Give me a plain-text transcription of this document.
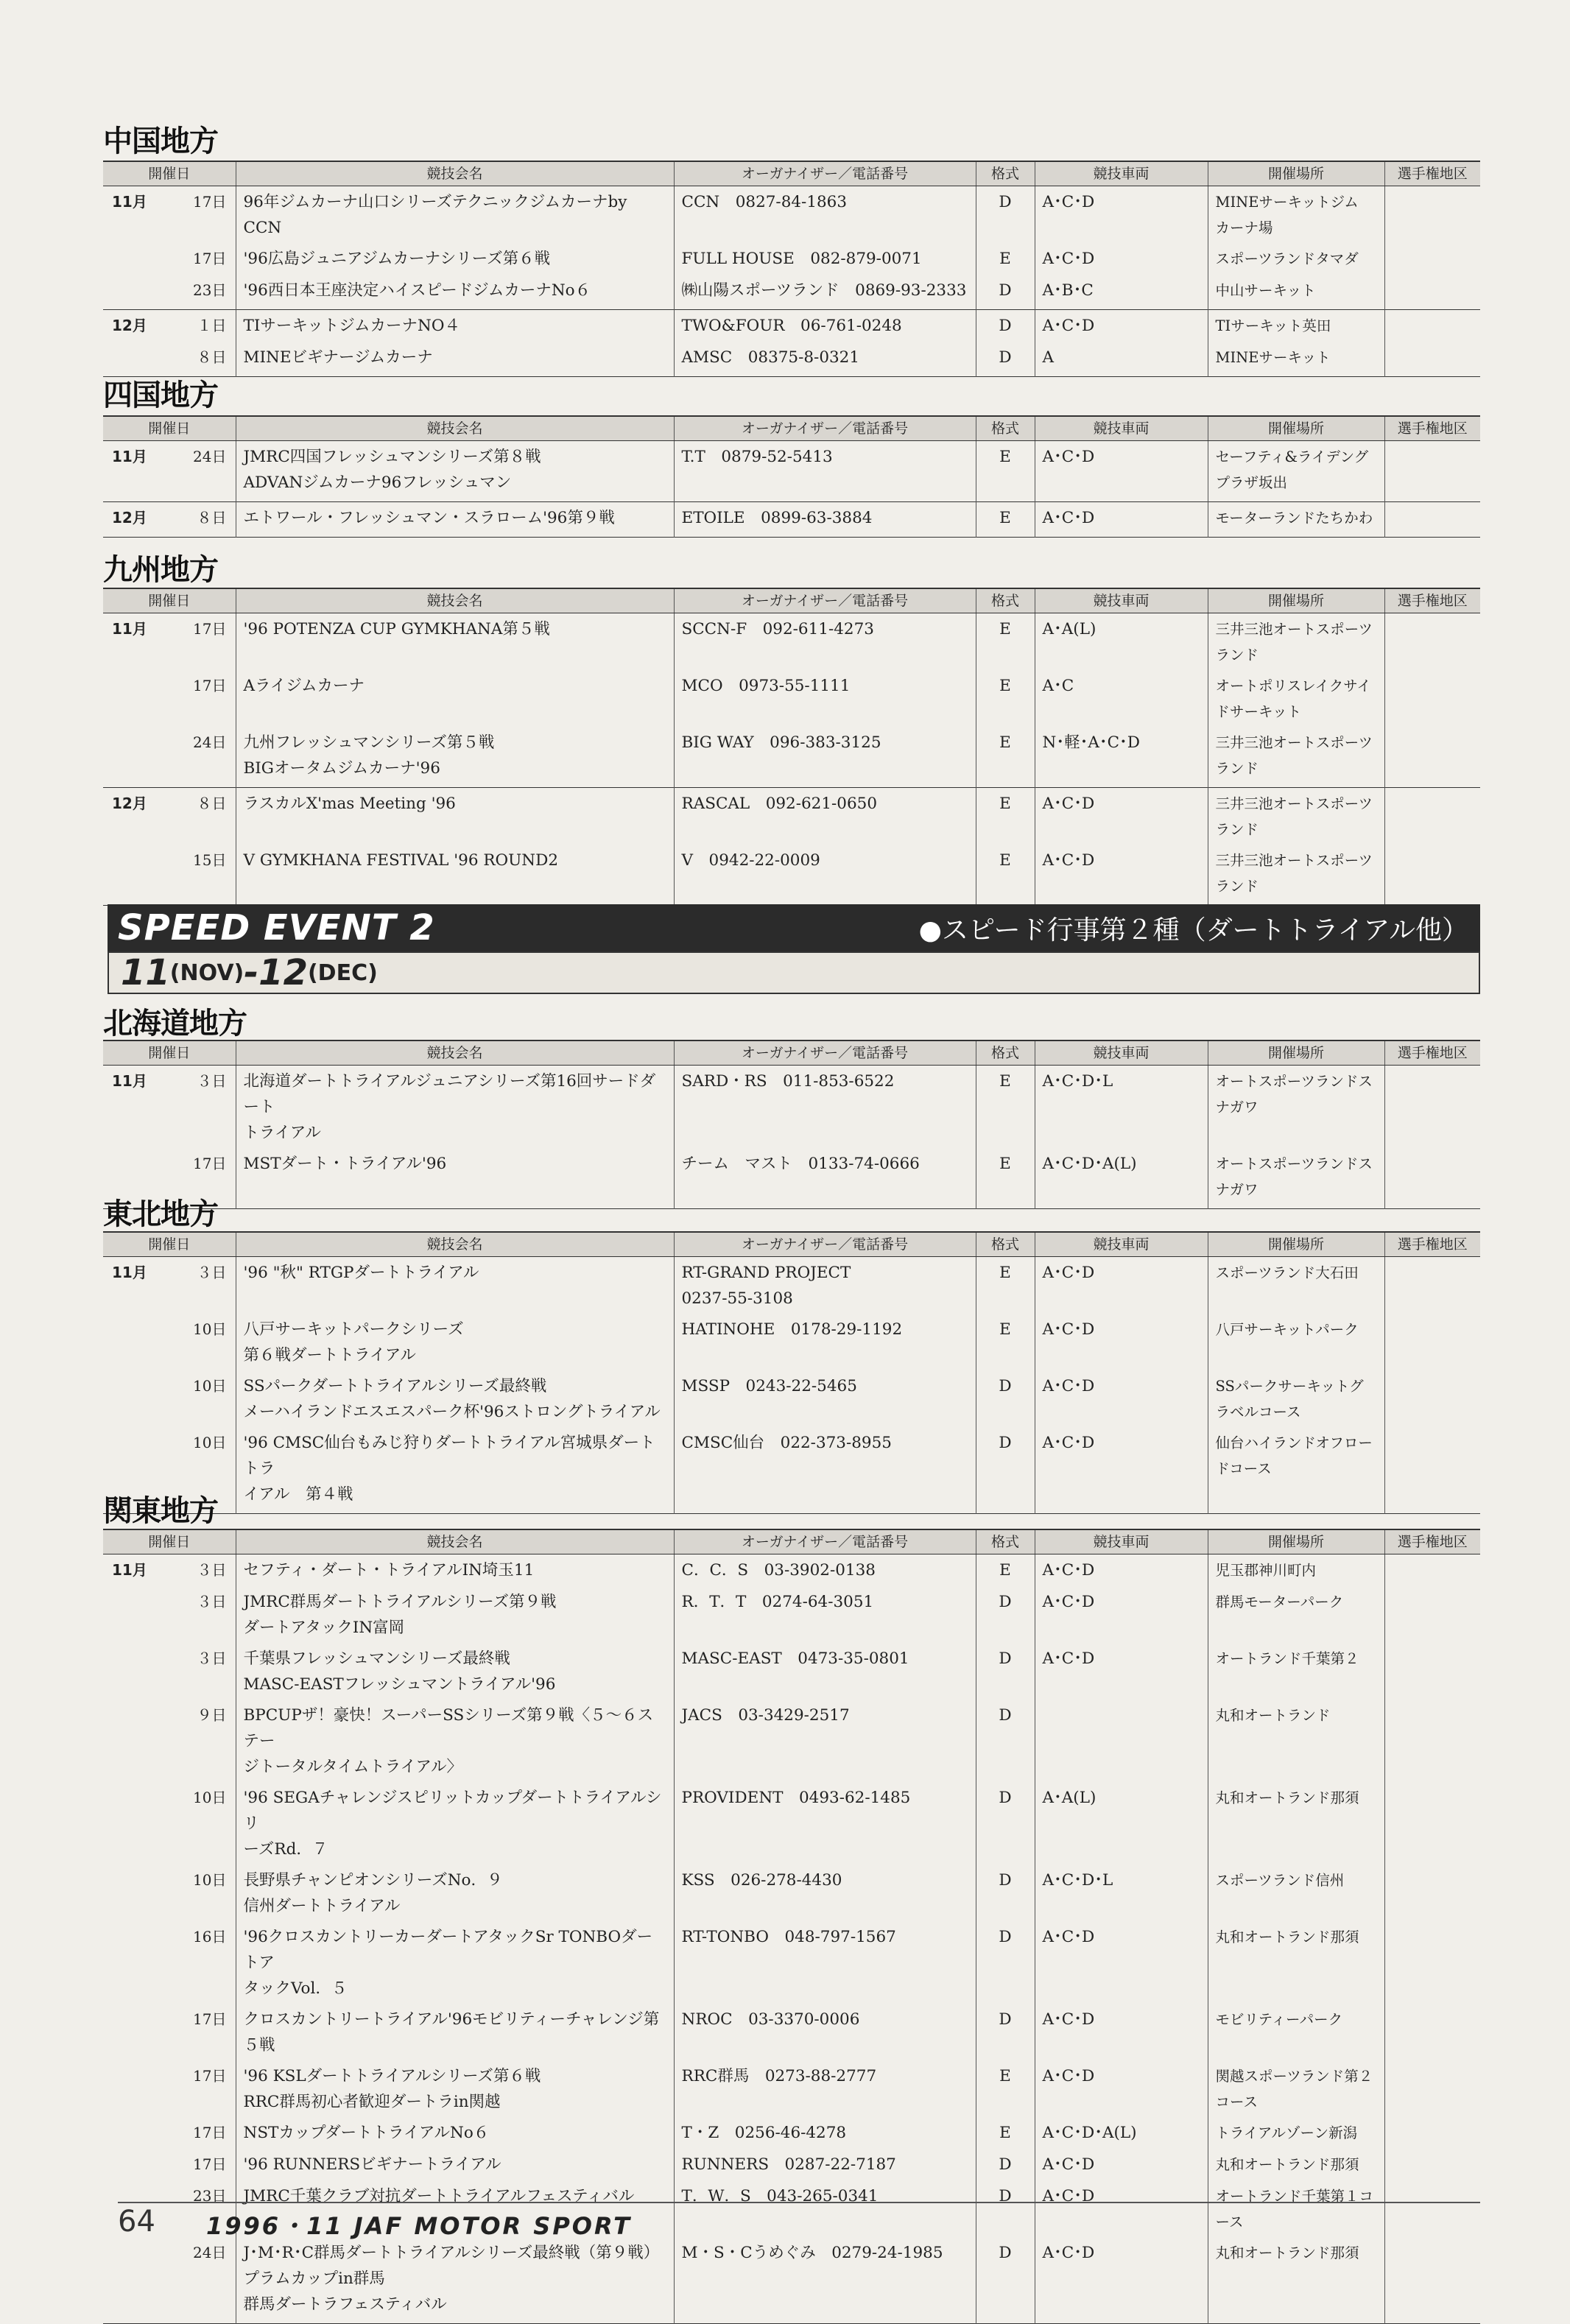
中国地方
開催日	競技会名	オーガナイザー／電話番号	格式	競技車両	開催場所	選手権地区

11月 17日	96年ジムカーナ山口シリーズテクニックジムカーナby CCN	CCN　0827-84-1863	D	A･C･D	MINEサーキットジム
カーナ場	

17日	'96広島ジュニアジムカーナシリーズ第６戦	FULL HOUSE　082-879-0071	E	A･C･D	スポーツランドタマダ	

23日	'96西日本王座決定ハイスピードジムカーナNo６	㈱山陽スポーツランド　0869-93-2333	D	A･B･C	中山サーキット	

12月 １日	TIサーキットジムカーナNO４	TWO&FOUR　06-761-0248	D	A･C･D	TIサーキット英田	

８日	MINEビギナージムカーナ	AMSC　08375-8-0321	D	A	MINEサーキット	
四国地方
開催日	競技会名	オーガナイザー／電話番号	格式	競技車両	開催場所	選手権地区

11月 24日	JMRC四国フレッシュマンシリーズ第８戦
ADVANジムカーナ96フレッシュマン	T.T　0879-52-5413	E	A･C･D	セーフティ&ライデング
プラザ坂出	

12月 ８日	エトワール・フレッシュマン・スラローム'96第９戦	ETOILE　0899-63-3884	E	A･C･D	モーターランドたちかわ	
九州地方
開催日	競技会名	オーガナイザー／電話番号	格式	競技車両	開催場所	選手権地区

11月 17日	'96 POTENZA CUP GYMKHANA第５戦	SCCN-F　092-611-4273	E	A･A(L)	三井三池オートスポーツ
ランド	

17日	Aライジムカーナ	MCO　0973-55-1111	E	A･C	オートポリスレイクサイ
ドサーキット	

24日	九州フレッシュマンシリーズ第５戦
BIGオータムジムカーナ'96	BIG WAY　096-383-3125	E	N･軽･A･C･D	三井三池オートスポーツ
ランド	

12月 ８日	ラスカルX'mas Meeting '96	RASCAL　092-621-0650	E	A･C･D	三井三池オートスポーツ
ランド	

15日	V GYMKHANA FESTIVAL '96 ROUND2	V　0942-22-0009	E	A･C･D	三井三池オートスポーツ
ランド	
SPEED EVENT 2	●スピード行事第２種（ダートトライアル他）
11 (NOV) - 12 (DEC)
北海道地方
開催日	競技会名	オーガナイザー／電話番号	格式	競技車両	開催場所	選手権地区

11月 ３日	北海道ダートトライアルジュニアシリーズ第16回サードダート
トライアル	SARD・RS　011-853-6522	E	A･C･D･L	オートスポーツランドス
ナガワ	

17日	MSTダート・トライアル'96	チーム　マスト　0133-74-0666	E	A･C･D･A(L)	オートスポーツランドス
ナガワ	
東北地方
開催日	競技会名	オーガナイザー／電話番号	格式	競技車両	開催場所	選手権地区

11月 ３日	'96 "秋" RTGPダートトライアル	RT-GRAND PROJECT
0237-55-3108	E	A･C･D	スポーツランド大石田	

10日	八戸サーキットパークシリーズ
第６戦ダートトライアル	HATINOHE　0178-29-1192	E	A･C･D	八戸サーキットパーク	

10日	SSパークダートトライアルシリーズ最終戦
メーハイランドエスエスパーク杯'96ストロングトライアル	MSSP　0243-22-5465	D	A･C･D	SSパークサーキットグ
ラベルコース	

10日	'96 CMSC仙台もみじ狩りダートトライアル宮城県ダートトラ
イアル　第４戦	CMSC仙台　022-373-8955	D	A･C･D	仙台ハイランドオフロー
ドコース	
関東地方
開催日	競技会名	オーガナイザー／電話番号	格式	競技車両	開催場所	選手権地区

11月 ３日	セフティ・ダート・トライアルIN埼玉11	C．C．S　03-3902-0138	E	A･C･D	児玉郡神川町内	

３日	JMRC群馬ダートトライアルシリーズ第９戦
ダートアタックIN富岡	R．T．T　0274-64-3051	D	A･C･D	群馬モーターパーク	

３日	千葉県フレッシュマンシリーズ最終戦
MASC-EASTフレッシュマントライアル'96	MASC-EAST　0473-35-0801	D	A･C･D	オートランド千葉第２	

９日	BPCUPザ！豪快！スーパーSSシリーズ第９戦〈５～６ステー
ジトータルタイムトライアル〉	JACS　03-3429-2517	D		丸和オートランド	

10日	'96 SEGAチャレンジスピリットカップダートトライアルシリ
ーズRd．７	PROVIDENT　0493-62-1485	D	A･A(L)	丸和オートランド那須	

10日	長野県チャンピオンシリーズNo．９
信州ダートトライアル	KSS　026-278-4430	D	A･C･D･L	スポーツランド信州	

16日	'96クロスカントリーカーダートアタックSr TONBOダートア
タックVol．５	RT-TONBO　048-797-1567	D	A･C･D	丸和オートランド那須	

17日	クロスカントリートライアル'96モビリティーチャレンジ第５戦	NROC　03-3370-0006	D	A･C･D	モビリティーパーク	

17日	'96 KSLダートトライアルシリーズ第６戦
RRC群馬初心者歓迎ダートラin関越	RRC群馬　0273-88-2777	E	A･C･D	関越スポーツランド第２
コース	

17日	NSTカップダートトライアルNo６	T・Z　0256-46-4278	E	A･C･D･A(L)	トライアルゾーン新潟	

17日	'96 RUNNERSビギナートライアル	RUNNERS　0287-22-7187	D	A･C･D	丸和オートランド那須	

23日	JMRC千葉クラブ対抗ダートトライアルフェスティバル	T．W．S　043-265-0341	D	A･C･D	オートランド千葉第１コ
ース	

24日	J･M･R･C群馬ダートトライアルシリーズ最終戦（第９戦）
プラムカップin群馬
群馬ダートラフェスティバル	M・S・Cうめぐみ　0279-24-1985	D	A･C･D	丸和オートランド那須	
64 1996・11 JAF MOTOR SPORT
